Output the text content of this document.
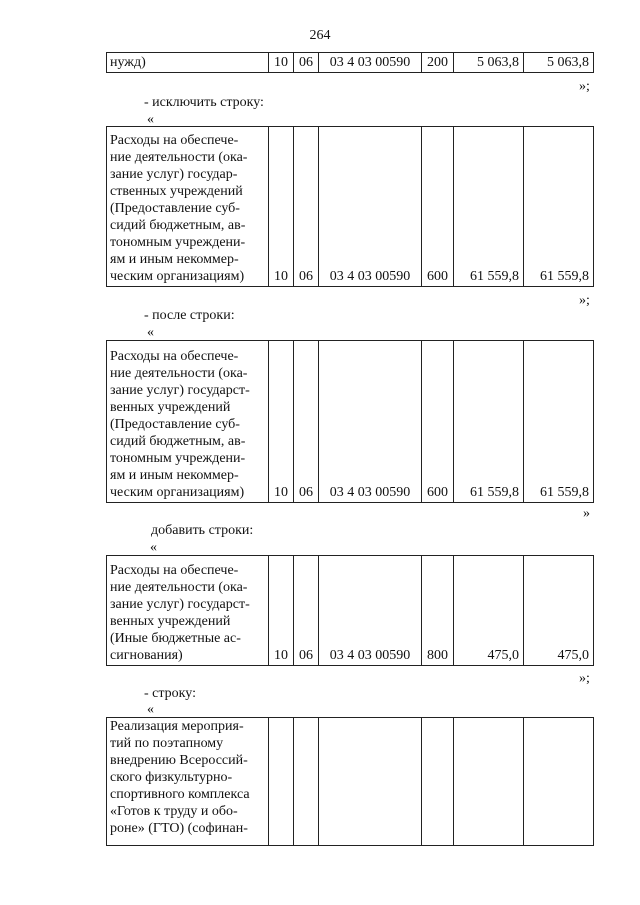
264
нужд)	10	06	03 4 03 00590	200	5 063,8	5 063,8
»;
- исключить строку:
«
Расходы на обеспече-
ние деятельности (ока-
зание услуг) государ-
ственных учреждений
(Предоставление суб-
сидий бюджетным, ав-
тономным учреждени-
ям и иным некоммер-
ческим организациям)	10	06	03 4 03 00590	600	61 559,8	61 559,8
»;
- после строки:
«
Расходы на обеспече-
ние деятельности (ока-
зание услуг) государст-
венных учреждений
(Предоставление суб-
сидий бюджетным, ав-
тономным учреждени-
ям и иным некоммер-
ческим организациям)	10	06	03 4 03 00590	600	61 559,8	61 559,8
»
добавить строки:
«
Расходы на обеспече-
ние деятельности (ока-
зание услуг) государст-
венных учреждений
(Иные бюджетные ас-
сигнования)	10	06	03 4 03 00590	800	475,0	475,0
»;
- строку:
«
Реализация мероприя-
тий по поэтапному
внедрению Всероссий-
ского физкультурно-
спортивного комплекса
«Готов к труду и обо-
роне» (ГТО) (софинан-						
